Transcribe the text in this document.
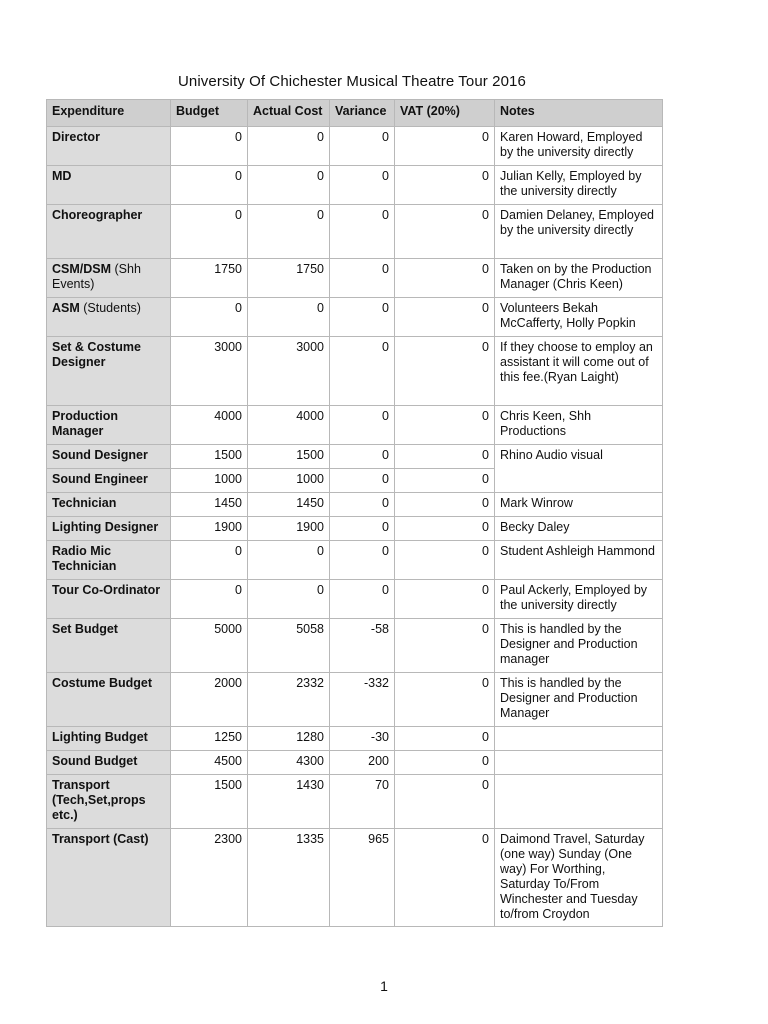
University Of Chichester Musical Theatre Tour 2016
Expenditure	Budget	Actual Cost	Variance	VAT (20%)	Notes
Director	0	0	0	0	Karen Howard, Employed by the university directly
MD	0	0	0	0	Julian Kelly, Employed by the university directly
Choreographer	0	0	0	0	Damien Delaney, Employed by the university directly
CSM/DSM (Shh Events)	1750	1750	0	0	Taken on by the Production Manager (Chris Keen)
ASM (Students)	0	0	0	0	Volunteers Bekah McCafferty, Holly Popkin
Set & Costume Designer	3000	3000	0	0	If they choose to employ an assistant it will come out of this fee.(Ryan Laight)
Production Manager	4000	4000	0	0	Chris Keen, Shh Productions
Sound Designer	1500	1500	0	0	Rhino Audio visual
Sound Engineer	1000	1000	0	0	
Technician	1450	1450	0	0	Mark Winrow
Lighting Designer	1900	1900	0	0	Becky Daley
Radio Mic Technician	0	0	0	0	Student Ashleigh Hammond
Tour Co-Ordinator	0	0	0	0	Paul Ackerly, Employed by the university directly
Set Budget	5000	5058	-58	0	This is handled by the Designer and Production manager
Costume Budget	2000	2332	-332	0	This is handled by the Designer and Production Manager
Lighting Budget	1250	1280	-30	0	
Sound Budget	4500	4300	200	0	
Transport (Tech,Set,props etc.)	1500	1430	70	0	
Transport (Cast)	2300	1335	965	0	Daimond Travel, Saturday (one way) Sunday (One way) For Worthing, Saturday To/From Winchester and Tuesday to/from Croydon
1
